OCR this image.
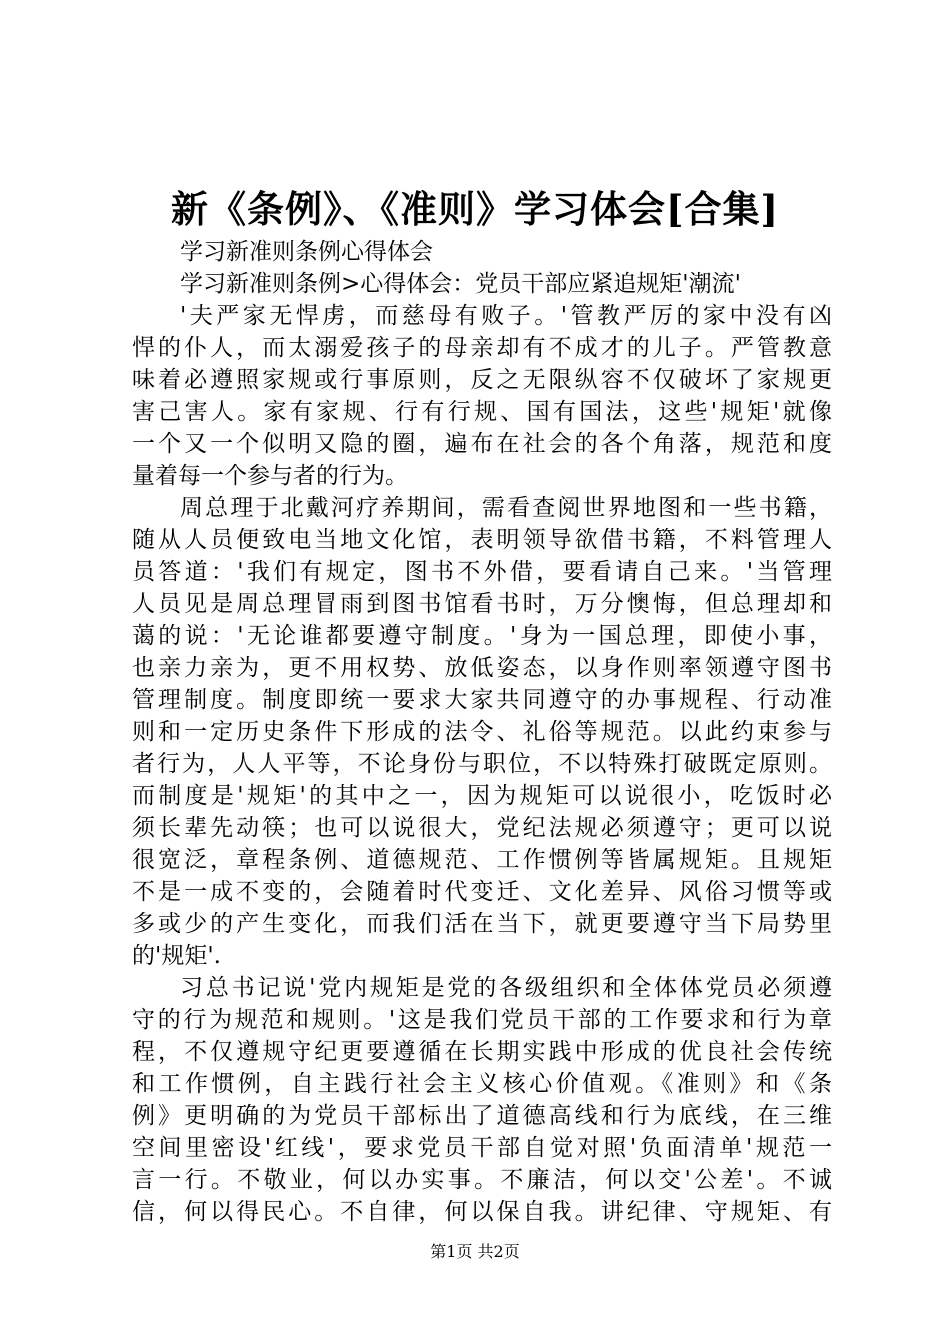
新《条例》、《准则》学习体会[合集]
学习新准则条例心得体会
学习新准则条例>心得体会：党员干部应紧追规矩'潮流'
'夫严家无悍虏，而慈母有败子。'管教严厉的家中没有凶
悍的仆人，而太溺爱孩子的母亲却有不成才的儿子。严管教意
味着必遵照家规或行事原则，反之无限纵容不仅破坏了家规更
害己害人。家有家规、行有行规、国有国法，这些'规矩'就像
一个又一个似明又隐的圈，遍布在社会的各个角落，规范和度
量着每一个参与者的行为。
周总理于北戴河疗养期间，需看查阅世界地图和一些书籍，
随从人员便致电当地文化馆，表明领导欲借书籍，不料管理人
员答道：'我们有规定，图书不外借，要看请自己来。'当管理
人员见是周总理冒雨到图书馆看书时，万分懊悔，但总理却和
蔼的说：'无论谁都要遵守制度。'身为一国总理，即使小事，
也亲力亲为，更不用权势、放低姿态，以身作则率领遵守图书
管理制度。制度即统一要求大家共同遵守的办事规程、行动准
则和一定历史条件下形成的法令、礼俗等规范。以此约束参与
者行为，人人平等，不论身份与职位，不以特殊打破既定原则。
而制度是'规矩'的其中之一，因为规矩可以说很小，吃饭时必
须长辈先动筷；也可以说很大，党纪法规必须遵守；更可以说
很宽泛，章程条例、道德规范、工作惯例等皆属规矩。且规矩
不是一成不变的，会随着时代变迁、文化差异、风俗习惯等或
多或少的产生变化，而我们活在当下，就更要遵守当下局势里
的'规矩'.
习总书记说'党内规矩是党的各级组织和全体体党员必须遵
守的行为规范和规则。'这是我们党员干部的工作要求和行为章
程，不仅遵规守纪更要遵循在长期实践中形成的优良社会传统
和工作惯例，自主践行社会主义核心价值观。《准则》和《条
例》更明确的为党员干部标出了道德高线和行为底线，在三维
空间里密设'红线'，要求党员干部自觉对照'负面清单'规范一
言一行。不敬业，何以办实事。不廉洁，何以交'公差'。不诚
信，何以得民心。不自律，何以保自我。讲纪律、守规矩、有
第1页 共2页
